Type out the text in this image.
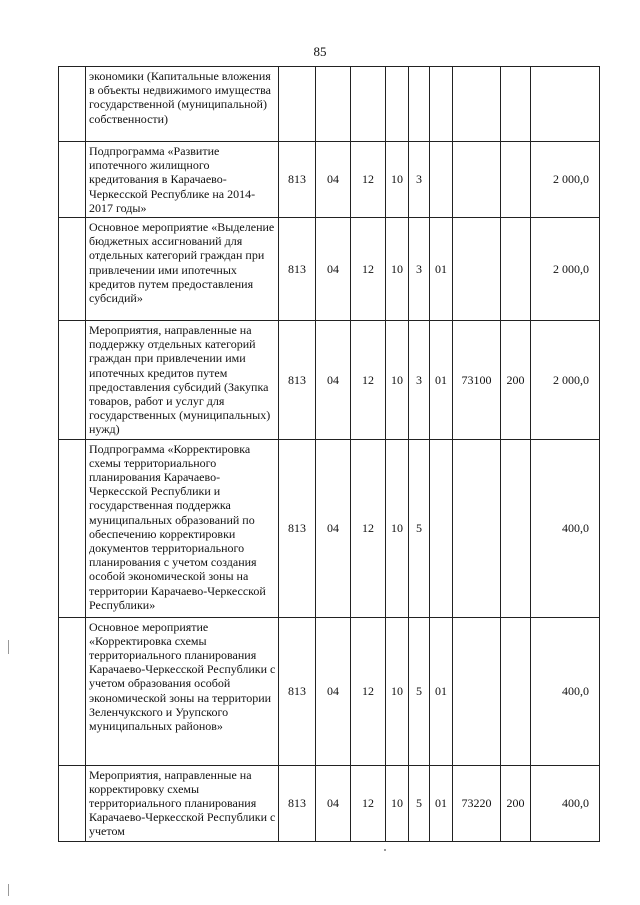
85
	экономики (Капитальные вложения в объекты недвижимого имущества государственной (муниципальной) собственности)									
	Подпрограмма «Развитие ипотечного жилищного кредитования в Карачаево-Черкесской Республике на 2014-2017 годы»	813	04	12	10	3				2 000,0
	Основное мероприятие «Выделение бюджетных ассигнований для отдельных категорий граждан при привлечении ими ипотечных кредитов путем предоставления субсидий»	813	04	12	10	3	01			2 000,0
	Мероприятия, направленные на поддержку отдельных категорий граждан при привлечении ими ипотечных кредитов путем предоставления субсидий (Закупка товаров, работ и услуг для государственных (муниципальных) нужд)	813	04	12	10	3	01	73100	200	2 000,0
	Подпрограмма «Корректировка схемы территориального планирования Карачаево-Черкесской Республики и государственная поддержка муниципальных образований по обеспечению корректировки документов территориального планирования с учетом создания особой экономической зоны на территории Карачаево-Черкесской Республики»	813	04	12	10	5				400,0
	Основное мероприятие «Корректировка схемы территориального планирования Карачаево-Черкесской Республики с учетом образования особой экономической зоны на территории Зеленчукского и Урупского муниципальных районов»	813	04	12	10	5	01			400,0
	Мероприятия, направленные на корректировку схемы территориального планирования Карачаево-Черкесской Республики с учетом	813	04	12	10	5	01	73220	200	400,0
